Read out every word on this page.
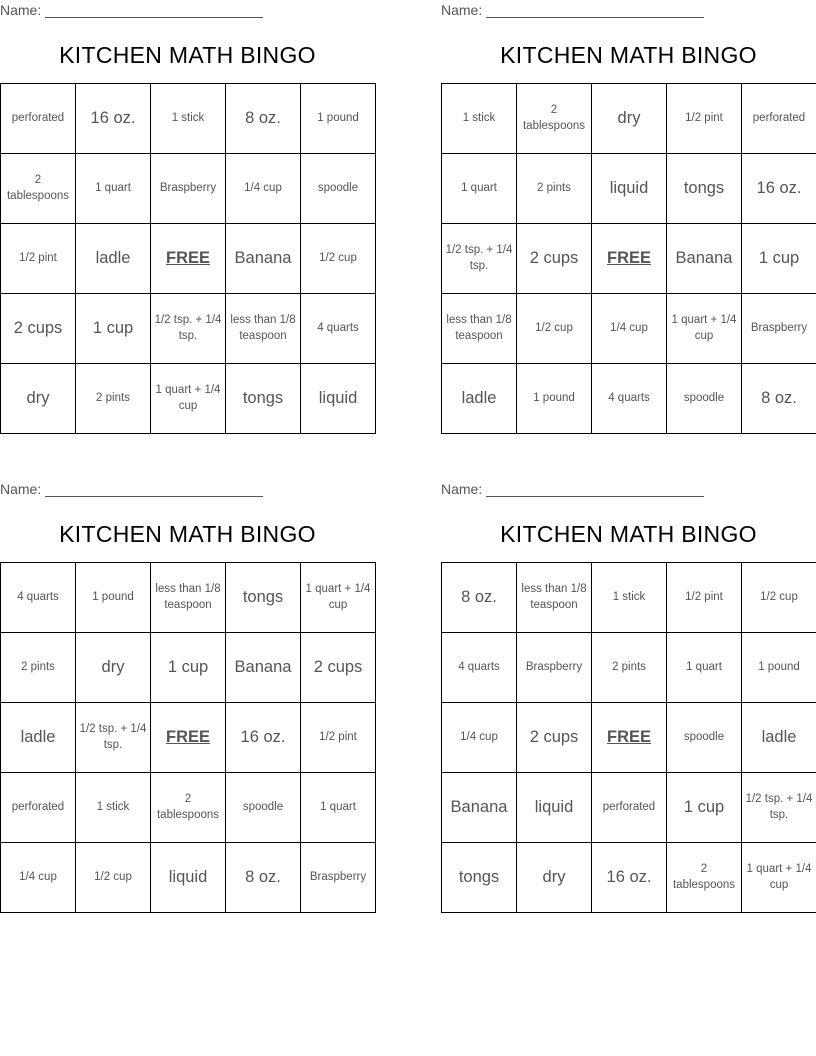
Name:
KITCHEN MATH BINGO
perforated	16 oz.	1 stick	8 oz.	1 pound
2 tablespoons	1 quart	Braspberry	1/4 cup	spoodle
1/2 pint	ladle	FREE	Banana	1/2 cup
2 cups	1 cup	1/2 tsp. + 1/4 tsp.	less than 1/8 teaspoon	4 quarts
dry	2 pints	1 quart + 1/4 cup	tongs	liquid
Name:
KITCHEN MATH BINGO
1 stick	2 tablespoons	dry	1/2 pint	perforated
1 quart	2 pints	liquid	tongs	16 oz.
1/2 tsp. + 1/4 tsp.	2 cups	FREE	Banana	1 cup
less than 1/8 teaspoon	1/2 cup	1/4 cup	1 quart + 1/4 cup	Braspberry
ladle	1 pound	4 quarts	spoodle	8 oz.
Name:
KITCHEN MATH BINGO
4 quarts	1 pound	less than 1/8 teaspoon	tongs	1 quart + 1/4 cup
2 pints	dry	1 cup	Banana	2 cups
ladle	1/2 tsp. + 1/4 tsp.	FREE	16 oz.	1/2 pint
perforated	1 stick	2 tablespoons	spoodle	1 quart
1/4 cup	1/2 cup	liquid	8 oz.	Braspberry
Name:
KITCHEN MATH BINGO
8 oz.	less than 1/8 teaspoon	1 stick	1/2 pint	1/2 cup
4 quarts	Braspberry	2 pints	1 quart	1 pound
1/4 cup	2 cups	FREE	spoodle	ladle
Banana	liquid	perforated	1 cup	1/2 tsp. + 1/4 tsp.
tongs	dry	16 oz.	2 tablespoons	1 quart + 1/4 cup
